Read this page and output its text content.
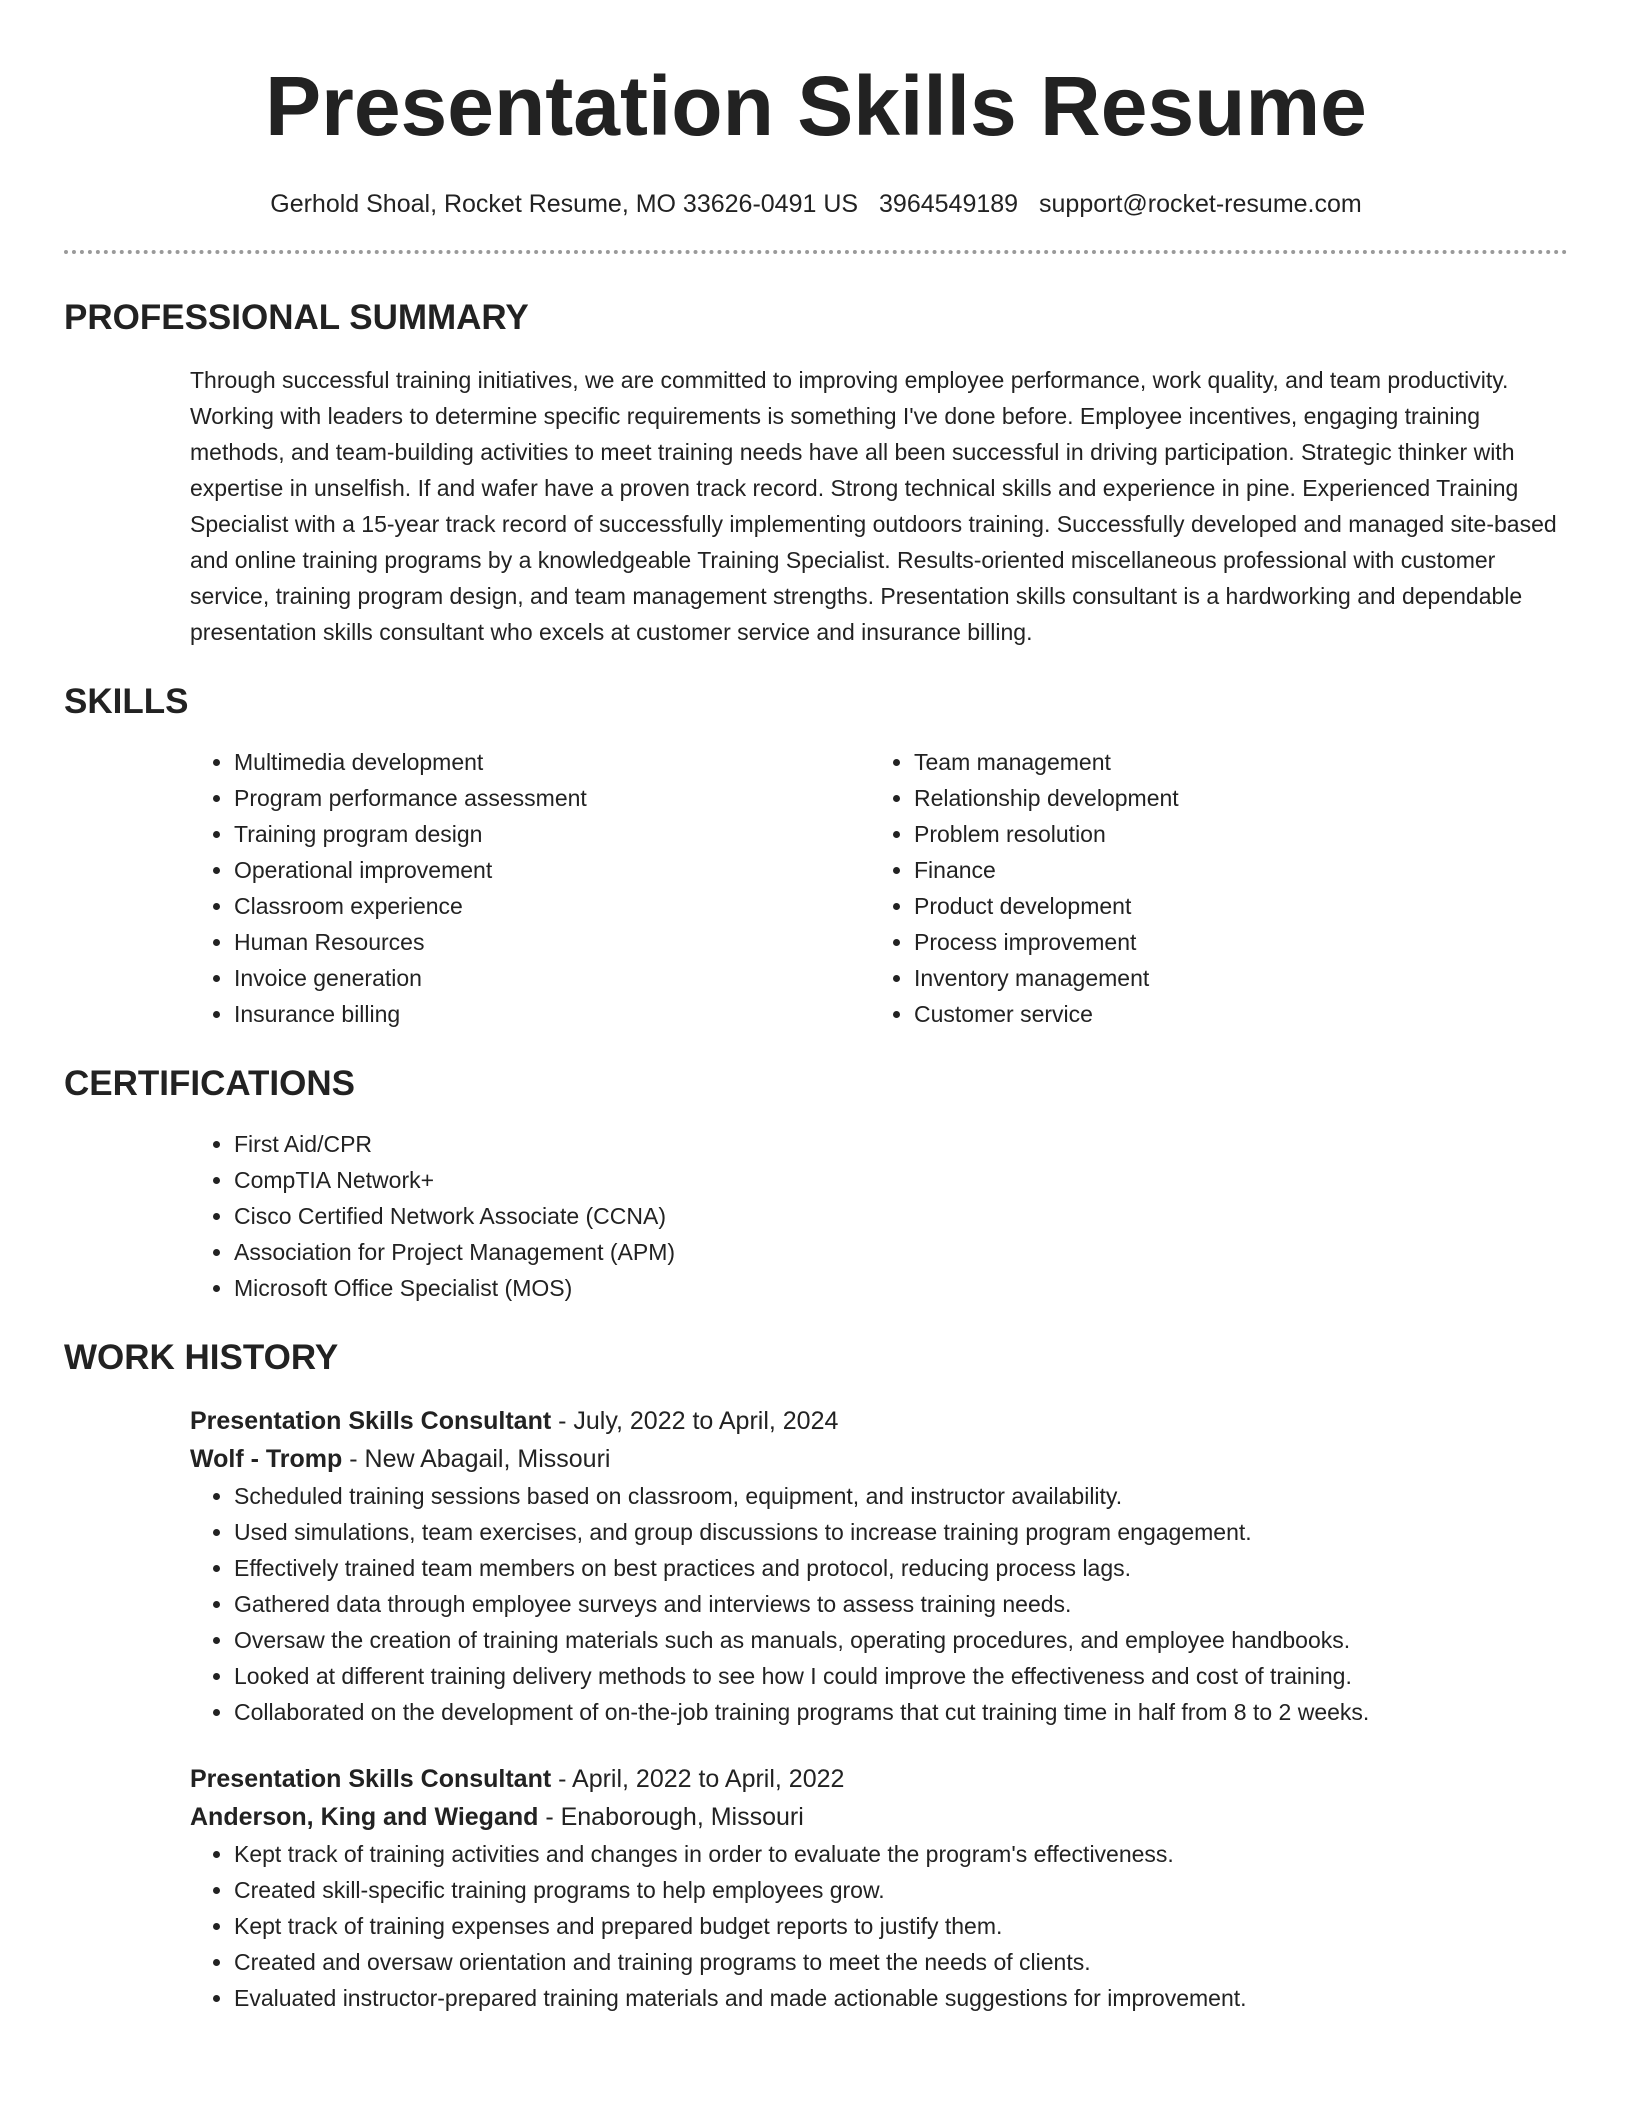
Presentation Skills Resume
Gerhold Shoal, Rocket Resume, MO 33626-0491 US 3964549189 support@rocket-resume.com
PROFESSIONAL SUMMARY

Through successful training initiatives, we are committed to improving employee performance, work quality, and team productivity. Working with leaders to determine specific requirements is something I've done before. Employee incentives, engaging training methods, and team-building activities to meet training needs have all been successful in driving participation. Strategic thinker with expertise in unselfish. If and wafer have a proven track record. Strong technical skills and experience in pine. Experienced Training Specialist with a 15-year track record of successfully implementing outdoors training. Successfully developed and managed site-based and online training programs by a knowledgeable Training Specialist. Results-oriented miscellaneous professional with customer service, training program design, and team management strengths. Presentation skills consultant is a hardworking and dependable presentation skills consultant who excels at customer service and insurance billing.

SKILLS
• Multimedia development
• Program performance assessment
• Training program design
• Operational improvement
• Classroom experience
• Human Resources
• Invoice generation
• Insurance billing
• Team management
• Relationship development
• Problem resolution
• Finance
• Product development
• Process improvement
• Inventory management
• Customer service
CERTIFICATIONS
• First Aid/CPR
• CompTIA Network+
• Cisco Certified Network Associate (CCNA)
• Association for Project Management (APM)
• Microsoft Office Specialist (MOS)
WORK HISTORY
Presentation Skills Consultant - July, 2022 to April, 2024
Wolf - Tromp - New Abagail, Missouri
• Scheduled training sessions based on classroom, equipment, and instructor availability.
• Used simulations, team exercises, and group discussions to increase training program engagement.
• Effectively trained team members on best practices and protocol, reducing process lags.
• Gathered data through employee surveys and interviews to assess training needs.
• Oversaw the creation of training materials such as manuals, operating procedures, and employee handbooks.
• Looked at different training delivery methods to see how I could improve the effectiveness and cost of training.
• Collaborated on the development of on-the-job training programs that cut training time in half from 8 to 2 weeks.
Presentation Skills Consultant - April, 2022 to April, 2022
Anderson, King and Wiegand - Enaborough, Missouri
• Kept track of training activities and changes in order to evaluate the program's effectiveness.
• Created skill-specific training programs to help employees grow.
• Kept track of training expenses and prepared budget reports to justify them.
• Created and oversaw orientation and training programs to meet the needs of clients.
• Evaluated instructor-prepared training materials and made actionable suggestions for improvement.
